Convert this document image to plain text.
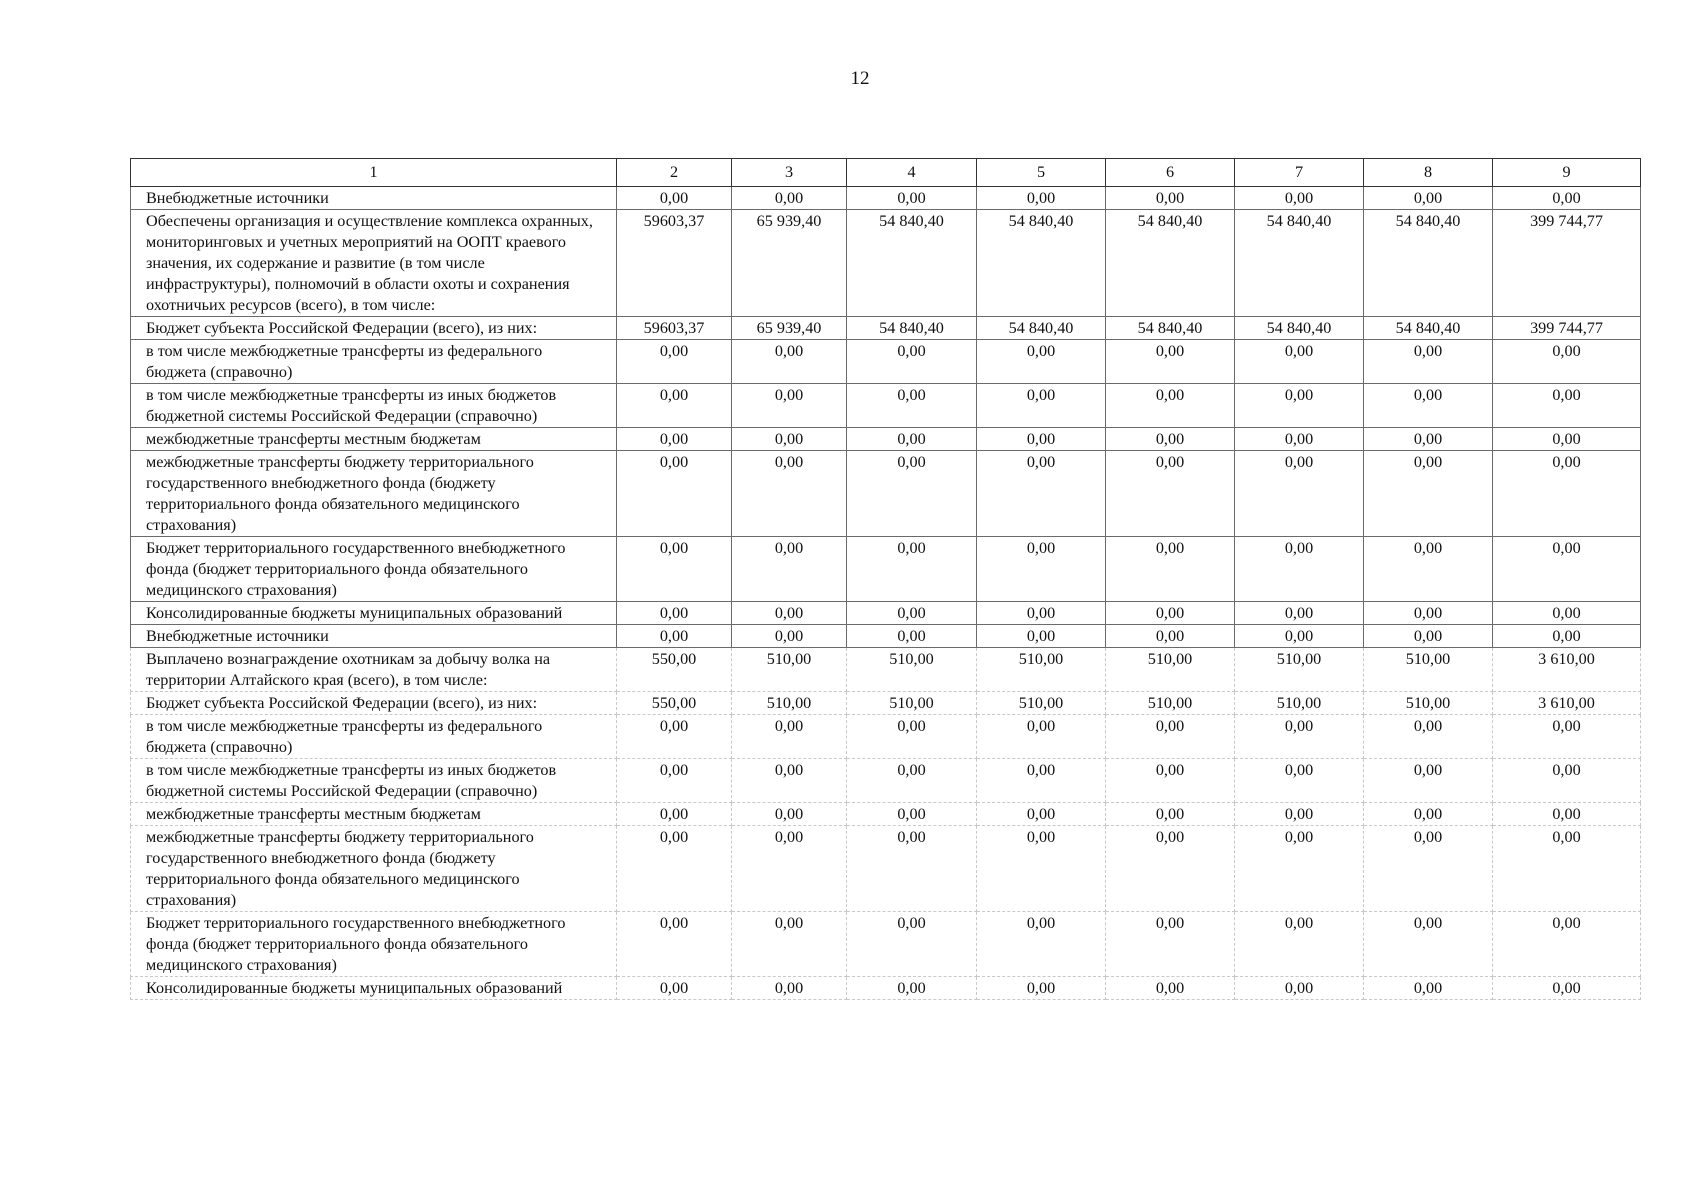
12
1	2	3	4	5	6	7	8	9
Внебюджетные источники	0,00	0,00	0,00	0,00	0,00	0,00	0,00	0,00
Обеспечены организация и осуществление комплекса охранных, мониторинговых и учетных мероприятий на ООПТ краевого значения, их содержание и развитие (в том числе инфраструктуры), полномочий в области охоты и сохранения охотничьих ресурсов (всего), в том числе:	59603,37	65 939,40	54 840,40	54 840,40	54 840,40	54 840,40	54 840,40	399 744,77
Бюджет субъекта Российской Федерации (всего), из них:	59603,37	65 939,40	54 840,40	54 840,40	54 840,40	54 840,40	54 840,40	399 744,77
в том числе межбюджетные трансферты из федерального бюджета (справочно)	0,00	0,00	0,00	0,00	0,00	0,00	0,00	0,00
в том числе межбюджетные трансферты из иных бюджетов бюджетной системы Российской Федерации (справочно)	0,00	0,00	0,00	0,00	0,00	0,00	0,00	0,00
межбюджетные трансферты местным бюджетам	0,00	0,00	0,00	0,00	0,00	0,00	0,00	0,00
межбюджетные трансферты бюджету территориального государственного внебюджетного фонда (бюджету территориального фонда обязательного медицинского страхования)	0,00	0,00	0,00	0,00	0,00	0,00	0,00	0,00
Бюджет территориального государственного внебюджетного фонда (бюджет территориального фонда обязательного медицинского страхования)	0,00	0,00	0,00	0,00	0,00	0,00	0,00	0,00
Консолидированные бюджеты муниципальных образований	0,00	0,00	0,00	0,00	0,00	0,00	0,00	0,00
Внебюджетные источники	0,00	0,00	0,00	0,00	0,00	0,00	0,00	0,00
Выплачено вознаграждение охотникам за добычу волка на территории Алтайского края (всего), в том числе:	550,00	510,00	510,00	510,00	510,00	510,00	510,00	3 610,00
Бюджет субъекта Российской Федерации (всего), из них:	550,00	510,00	510,00	510,00	510,00	510,00	510,00	3 610,00
в том числе межбюджетные трансферты из федерального бюджета (справочно)	0,00	0,00	0,00	0,00	0,00	0,00	0,00	0,00
в том числе межбюджетные трансферты из иных бюджетов бюджетной системы Российской Федерации (справочно)	0,00	0,00	0,00	0,00	0,00	0,00	0,00	0,00
межбюджетные трансферты местным бюджетам	0,00	0,00	0,00	0,00	0,00	0,00	0,00	0,00
межбюджетные трансферты бюджету территориального государственного внебюджетного фонда (бюджету территориального фонда обязательного медицинского страхования)	0,00	0,00	0,00	0,00	0,00	0,00	0,00	0,00
Бюджет территориального государственного внебюджетного фонда (бюджет территориального фонда обязательного медицинского страхования)	0,00	0,00	0,00	0,00	0,00	0,00	0,00	0,00
Консолидированные бюджеты муниципальных образований	0,00	0,00	0,00	0,00	0,00	0,00	0,00	0,00
